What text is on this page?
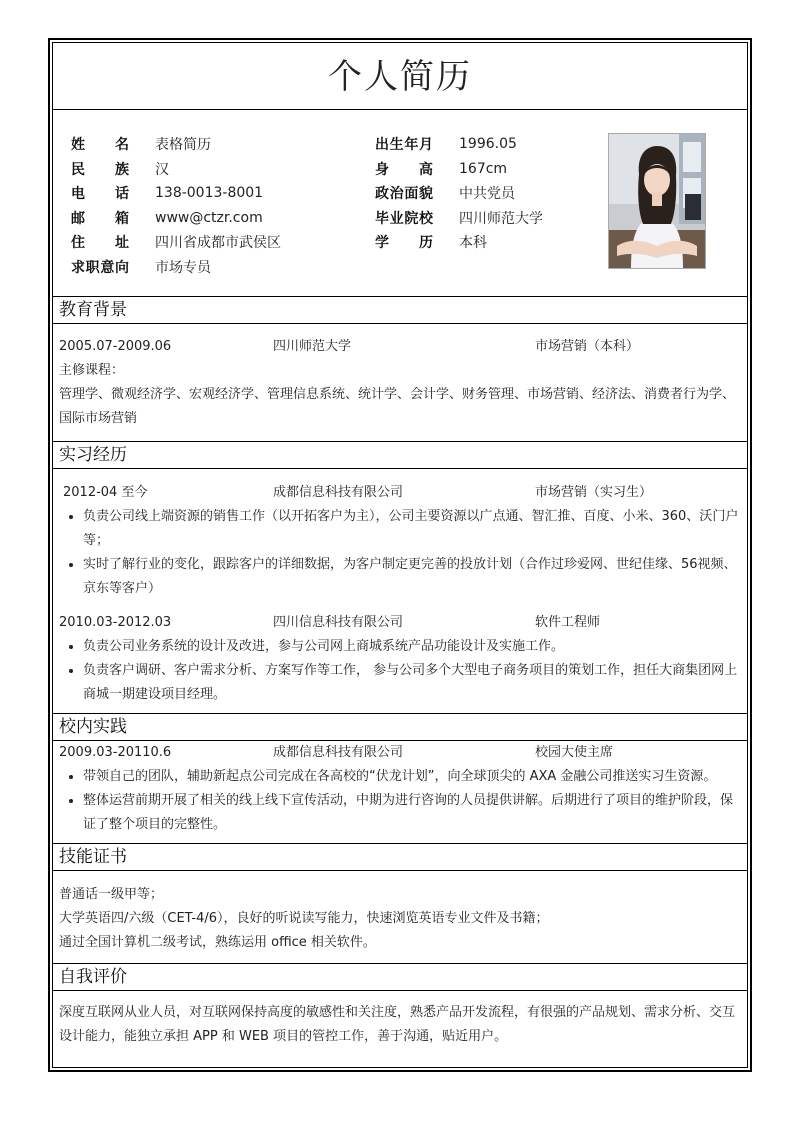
个人简历
姓名 表格简历
民族 汉
电话 138-0013-8001
邮箱 www@ctzr.com
住址 四川省成都市武侯区
求职意向 市场专员
出生年月 1996.05
身高 167cm
政治面貌 中共党员
毕业院校 四川师范大学
学历 本科
教育背景
2005.07-2009.06	四川师范大学	市场营销（本科）
主修课程：
管理学、微观经济学、宏观经济学、管理信息系统、统计学、会计学、财务管理、市场营销、经济法、消费者行为学、国际市场营销
实习经历
2012-04 至今	成都信息科技有限公司	市场营销（实习生）
• 负责公司线上端资源的销售工作（以开拓客户为主），公司主要资源以广点通、智汇推、百度、小米、360、沃门户等；
• 实时了解行业的变化，跟踪客户的详细数据，为客户制定更完善的投放计划（合作过珍爱网、世纪佳缘、56视频、京东等客户）
2010.03-2012.03	四川信息科技有限公司	软件工程师
• 负责公司业务系统的设计及改进，参与公司网上商城系统产品功能设计及实施工作。
• 负责客户调研、客户需求分析、方案写作等工作， 参与公司多个大型电子商务项目的策划工作，担任大商集团网上商城一期建设项目经理。
校内实践
2009.03-20110.6	成都信息科技有限公司	校园大使主席
• 带领自己的团队，辅助新起点公司完成在各高校的“伏龙计划”，向全球顶尖的 AXA 金融公司推送实习生资源。
• 整体运营前期开展了相关的线上线下宣传活动，中期为进行咨询的人员提供讲解。后期进行了项目的维护阶段，保证了整个项目的完整性。
技能证书
普通话一级甲等；
大学英语四/六级（CET-4/6），良好的听说读写能力，快速浏览英语专业文件及书籍；
通过全国计算机二级考试，熟练运用 office 相关软件。
自我评价
深度互联网从业人员，对互联网保持高度的敏感性和关注度，熟悉产品开发流程，有很强的产品规划、需求分析、交互设计能力，能独立承担 APP 和 WEB 项目的管控工作，善于沟通，贴近用户。
